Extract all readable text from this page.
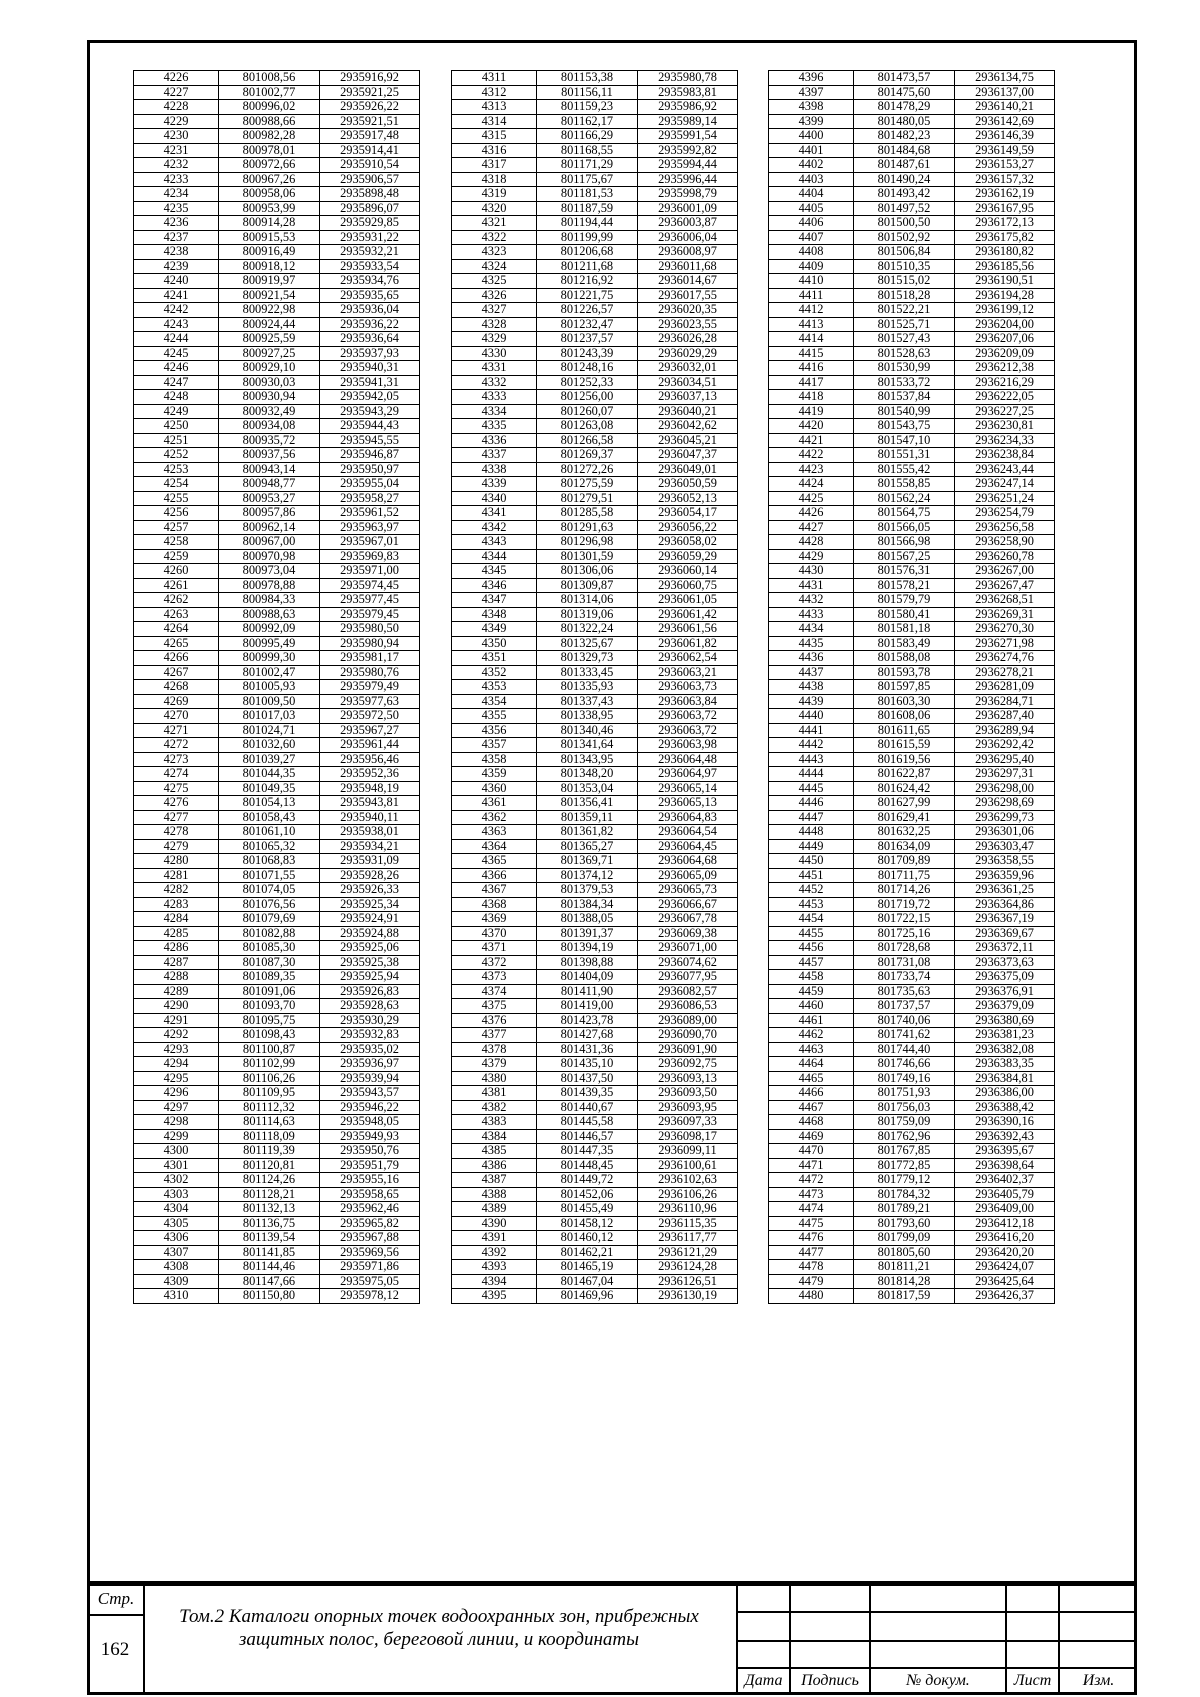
4226	801008,56	2935916,92
4227	801002,77	2935921,25
4228	800996,02	2935926,22
4229	800988,66	2935921,51
4230	800982,28	2935917,48
4231	800978,01	2935914,41
4232	800972,66	2935910,54
4233	800967,26	2935906,57
4234	800958,06	2935898,48
4235	800953,99	2935896,07
4236	800914,28	2935929,85
4237	800915,53	2935931,22
4238	800916,49	2935932,21
4239	800918,12	2935933,54
4240	800919,97	2935934,76
4241	800921,54	2935935,65
4242	800922,98	2935936,04
4243	800924,44	2935936,22
4244	800925,59	2935936,64
4245	800927,25	2935937,93
4246	800929,10	2935940,31
4247	800930,03	2935941,31
4248	800930,94	2935942,05
4249	800932,49	2935943,29
4250	800934,08	2935944,43
4251	800935,72	2935945,55
4252	800937,56	2935946,87
4253	800943,14	2935950,97
4254	800948,77	2935955,04
4255	800953,27	2935958,27
4256	800957,86	2935961,52
4257	800962,14	2935963,97
4258	800967,00	2935967,01
4259	800970,98	2935969,83
4260	800973,04	2935971,00
4261	800978,88	2935974,45
4262	800984,33	2935977,45
4263	800988,63	2935979,45
4264	800992,09	2935980,50
4265	800995,49	2935980,94
4266	800999,30	2935981,17
4267	801002,47	2935980,76
4268	801005,93	2935979,49
4269	801009,50	2935977,63
4270	801017,03	2935972,50
4271	801024,71	2935967,27
4272	801032,60	2935961,44
4273	801039,27	2935956,46
4274	801044,35	2935952,36
4275	801049,35	2935948,19
4276	801054,13	2935943,81
4277	801058,43	2935940,11
4278	801061,10	2935938,01
4279	801065,32	2935934,21
4280	801068,83	2935931,09
4281	801071,55	2935928,26
4282	801074,05	2935926,33
4283	801076,56	2935925,34
4284	801079,69	2935924,91
4285	801082,88	2935924,88
4286	801085,30	2935925,06
4287	801087,30	2935925,38
4288	801089,35	2935925,94
4289	801091,06	2935926,83
4290	801093,70	2935928,63
4291	801095,75	2935930,29
4292	801098,43	2935932,83
4293	801100,87	2935935,02
4294	801102,99	2935936,97
4295	801106,26	2935939,94
4296	801109,95	2935943,57
4297	801112,32	2935946,22
4298	801114,63	2935948,05
4299	801118,09	2935949,93
4300	801119,39	2935950,76
4301	801120,81	2935951,79
4302	801124,26	2935955,16
4303	801128,21	2935958,65
4304	801132,13	2935962,46
4305	801136,75	2935965,82
4306	801139,54	2935967,88
4307	801141,85	2935969,56
4308	801144,46	2935971,86
4309	801147,66	2935975,05
4310	801150,80	2935978,12
4311	801153,38	2935980,78
4312	801156,11	2935983,81
4313	801159,23	2935986,92
4314	801162,17	2935989,14
4315	801166,29	2935991,54
4316	801168,55	2935992,82
4317	801171,29	2935994,44
4318	801175,67	2935996,44
4319	801181,53	2935998,79
4320	801187,59	2936001,09
4321	801194,44	2936003,87
4322	801199,99	2936006,04
4323	801206,68	2936008,97
4324	801211,68	2936011,68
4325	801216,92	2936014,67
4326	801221,75	2936017,55
4327	801226,57	2936020,35
4328	801232,47	2936023,55
4329	801237,57	2936026,28
4330	801243,39	2936029,29
4331	801248,16	2936032,01
4332	801252,33	2936034,51
4333	801256,00	2936037,13
4334	801260,07	2936040,21
4335	801263,08	2936042,62
4336	801266,58	2936045,21
4337	801269,37	2936047,37
4338	801272,26	2936049,01
4339	801275,59	2936050,59
4340	801279,51	2936052,13
4341	801285,58	2936054,17
4342	801291,63	2936056,22
4343	801296,98	2936058,02
4344	801301,59	2936059,29
4345	801306,06	2936060,14
4346	801309,87	2936060,75
4347	801314,06	2936061,05
4348	801319,06	2936061,42
4349	801322,24	2936061,56
4350	801325,67	2936061,82
4351	801329,73	2936062,54
4352	801333,45	2936063,21
4353	801335,93	2936063,73
4354	801337,43	2936063,84
4355	801338,95	2936063,72
4356	801340,46	2936063,72
4357	801341,64	2936063,98
4358	801343,95	2936064,48
4359	801348,20	2936064,97
4360	801353,04	2936065,14
4361	801356,41	2936065,13
4362	801359,11	2936064,83
4363	801361,82	2936064,54
4364	801365,27	2936064,45
4365	801369,71	2936064,68
4366	801374,12	2936065,09
4367	801379,53	2936065,73
4368	801384,34	2936066,67
4369	801388,05	2936067,78
4370	801391,37	2936069,38
4371	801394,19	2936071,00
4372	801398,88	2936074,62
4373	801404,09	2936077,95
4374	801411,90	2936082,57
4375	801419,00	2936086,53
4376	801423,78	2936089,00
4377	801427,68	2936090,70
4378	801431,36	2936091,90
4379	801435,10	2936092,75
4380	801437,50	2936093,13
4381	801439,35	2936093,50
4382	801440,67	2936093,95
4383	801445,58	2936097,33
4384	801446,57	2936098,17
4385	801447,35	2936099,11
4386	801448,45	2936100,61
4387	801449,72	2936102,63
4388	801452,06	2936106,26
4389	801455,49	2936110,96
4390	801458,12	2936115,35
4391	801460,12	2936117,77
4392	801462,21	2936121,29
4393	801465,19	2936124,28
4394	801467,04	2936126,51
4395	801469,96	2936130,19
4396	801473,57	2936134,75
4397	801475,60	2936137,00
4398	801478,29	2936140,21
4399	801480,05	2936142,69
4400	801482,23	2936146,39
4401	801484,68	2936149,59
4402	801487,61	2936153,27
4403	801490,24	2936157,32
4404	801493,42	2936162,19
4405	801497,52	2936167,95
4406	801500,50	2936172,13
4407	801502,92	2936175,82
4408	801506,84	2936180,82
4409	801510,35	2936185,56
4410	801515,02	2936190,51
4411	801518,28	2936194,28
4412	801522,21	2936199,12
4413	801525,71	2936204,00
4414	801527,43	2936207,06
4415	801528,63	2936209,09
4416	801530,99	2936212,38
4417	801533,72	2936216,29
4418	801537,84	2936222,05
4419	801540,99	2936227,25
4420	801543,75	2936230,81
4421	801547,10	2936234,33
4422	801551,31	2936238,84
4423	801555,42	2936243,44
4424	801558,85	2936247,14
4425	801562,24	2936251,24
4426	801564,75	2936254,79
4427	801566,05	2936256,58
4428	801566,98	2936258,90
4429	801567,25	2936260,78
4430	801576,31	2936267,00
4431	801578,21	2936267,47
4432	801579,79	2936268,51
4433	801580,41	2936269,31
4434	801581,18	2936270,30
4435	801583,49	2936271,98
4436	801588,08	2936274,76
4437	801593,78	2936278,21
4438	801597,85	2936281,09
4439	801603,30	2936284,71
4440	801608,06	2936287,40
4441	801611,65	2936289,94
4442	801615,59	2936292,42
4443	801619,56	2936295,40
4444	801622,87	2936297,31
4445	801624,42	2936298,00
4446	801627,99	2936298,69
4447	801629,41	2936299,73
4448	801632,25	2936301,06
4449	801634,09	2936303,47
4450	801709,89	2936358,55
4451	801711,75	2936359,96
4452	801714,26	2936361,25
4453	801719,72	2936364,86
4454	801722,15	2936367,19
4455	801725,16	2936369,67
4456	801728,68	2936372,11
4457	801731,08	2936373,63
4458	801733,74	2936375,09
4459	801735,63	2936376,91
4460	801737,57	2936379,09
4461	801740,06	2936380,69
4462	801741,62	2936381,23
4463	801744,40	2936382,08
4464	801746,66	2936383,35
4465	801749,16	2936384,81
4466	801751,93	2936386,00
4467	801756,03	2936388,42
4468	801759,09	2936390,16
4469	801762,96	2936392,43
4470	801767,85	2936395,67
4471	801772,85	2936398,64
4472	801779,12	2936402,37
4473	801784,32	2936405,79
4474	801789,21	2936409,00
4475	801793,60	2936412,18
4476	801799,09	2936416,20
4477	801805,60	2936420,20
4478	801811,21	2936424,07
4479	801814,28	2936425,64
4480	801817,59	2936426,37
Стр.
162
Том.2 Каталоги опорных точек водоохранных зон, прибрежных
защитных полос, береговой линии, и координаты
Дата	Подпись	№ докум.	Лист	Изм.
